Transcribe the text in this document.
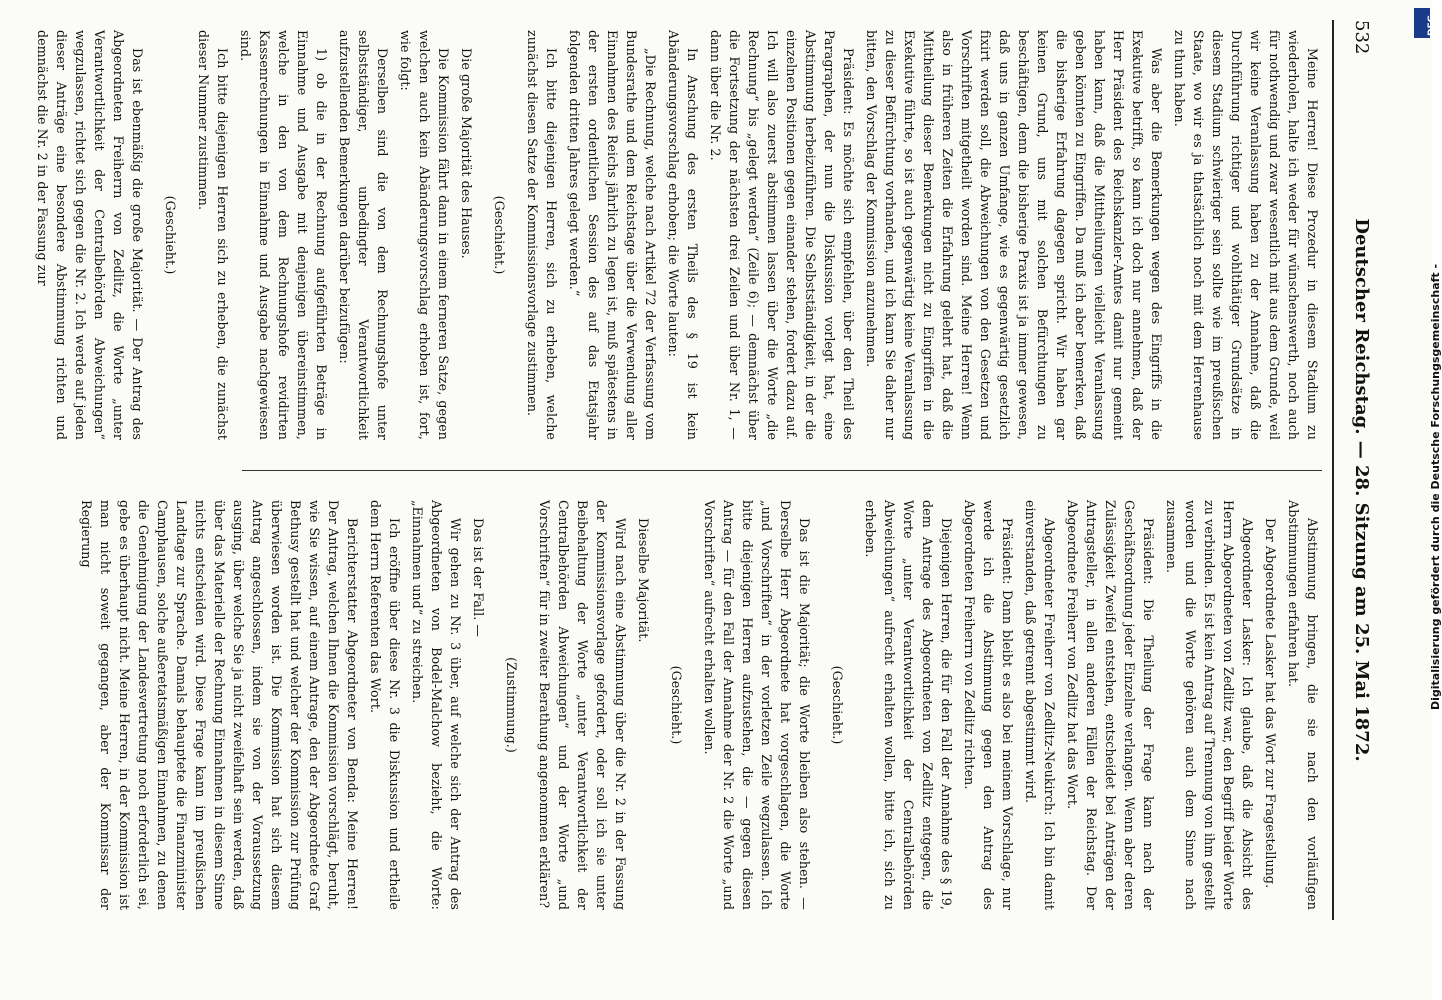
532
Deutscher Reichstag. — 28. Sitzung am 25. Mai 1872.

Meine Herren! Diese Prozedur in diesem Stadium zu wiederholen, halte ich weder für wünschenswerth, noch auch für nothwendig und zwar wesentlich mit aus dem Grunde, weil wir keine Veranlassung haben zu der Annahme, daß die Durchführung richtiger und wohlthätiger Grundsätze in diesem Stadium schwieriger sein sollte wie im preußischen Staate, wo wir es ja thatsächlich noch mit dem Herrenhause zu thun haben.

Was aber die Bemerkungen wegen des Eingriffs in die Exekutive betrifft, so kann ich doch nur annehmen, daß der Herr Präsident des Reichskanzler-Amtes damit nur gemeint haben kann, daß die Mittheilungen vielleicht Veranlassung geben könnten zu Eingriffen. Da muß ich aber bemerken, daß die bisherige Erfahrung dagegen spricht. Wir haben gar keinen Grund, uns mit solchen Befürchtungen zu beschäftigen, denn die bisherige Praxis ist ja immer gewesen, daß uns in ganzen Umfange, wie es gegenwärtig gesetzlich fixirt werden soll, die Abweichungen von den Gesetzen und Vorschriften mitgetheilt worden sind. Meine Herren! Wenn also in früheren Zeiten die Erfahrung gelehrt hat, daß die Mittheilung dieser Bemerkungen nicht zu Eingriffen in die Exekutive führte, so ist auch gegenwärtig keine Veranlassung zu dieser Befürchtung vorhanden, und ich kann Sie daher nur bitten, den Vorschlag der Kommission anzunehmen.

Präsident: Es möchte sich empfehlen, über den Theil des Paragraphen, der nun die Diskussion vorlegt hat, eine Abstimmung herbeizuführen. Die Selbstständigkeit, in der die einzelnen Positionen gegen einander stehen, fordert dazu auf. Ich will also zuerst abstimmen lassen über die Worte „die Rechnung“ bis „gelegt werden“ (Zeile 6); — demnächst über die Fortsetzung der nächsten drei Zeilen und über Nr. 1, — dann über die Nr. 2.

In Anschung des ersten Theils des § 19 ist kein Abänderungsvorschlag erhoben; die Worte lauten:

„Die Rechnung, welche nach Artikel 72 der Verfassung vom Bundesrathe und dem Reichstage über die Verwendung aller Einnahmen des Reichs jährlich zu legen ist, muß spätestens in der ersten ordentlichen Session des auf das Etatsjahr folgenden dritten Jahres gelegt werden.“

Ich bitte diejenigen Herren, sich zu erheben, welche zunächst diesen Satze der Kommissionsvorlage zustimmen.

(Geschieht.)

Die große Majorität des Hauses.

Die Kommission fährt dann in einem ferneren Satze, gegen welchen auch kein Abänderungsvorschlag erhoben ist, fort, wie folgt:

Derselben sind die von dem Rechnungshofe unter selbstständiger, unbedingter Verantwortlichkeit aufzustellenden Bemerkungen darüber beizufügen:

1) ob die in der Rechnung aufgeführten Beträge in Einnahme und Ausgabe mit denjenigen übereinstimmen, welche in den von dem Rechnungshofe revidirten Kassenrechnungen in Einnahme und Ausgabe nachgewiesen sind.

Ich bitte diejenigen Herren sich zu erheben, die zunächst dieser Nummer zustimmen.

(Geschieht.)

Das ist ebenmäßig die große Majorität. — Der Antrag des Abgeordneten Freiherrn von Zedlitz, die Worte „unter Verantwortlichkeit der Centralbehörden Abweichungen“ wegzulassen, richtet sich gegen die Nr. 2. Ich werde auf jeden dieser Anträge eine besondere Abstimmung richten und demnächst die Nr. 2 in der Fassung zur

Abstimmung bringen, die sie nach den vorläufigen Abstimmungen erfahren hat.

Der Abgeordnete Lasker hat das Wort zur Fragestellung.

Abgeordneter Lasker: Ich glaube, daß die Absicht des Herrn Abgeordneten von Zedlitz war, den Begriff beider Worte zu verbinden. Es ist kein Antrag auf Trennung von ihm gestellt worden und die Worte gehören auch dem Sinne nach zusammen.

Präsident: Die Theilung der Frage kann nach der Geschäftsordnung jeder Einzelne verlangen. Wenn aber deren Zulässigkeit Zweifel entstehen, entscheidet bei Anträgen der Antragsteller, in allen anderen Fällen der Reichstag. Der Abgeordnete Freiherr von Zedlitz hat das Wort.

Abgeordneter Freiherr von Zedlitz-Neukirch: Ich bin damit einverstanden, daß getrennt abgestimmt wird.

Präsident: Dann bleibt es also bei meinem Vorschlage, nur werde ich die Abstimmung gegen den Antrag des Abgeordneten Freiherrn von Zedlitz richten.

Diejenigen Herren, die für den Fall der Annahme des § 19, dem Antrage des Abgeordneten von Zedlitz entgegen, die Worte „unter Verantwortlichkeit der Centralbehörden Abweichungen“ aufrecht erhalten wollen, bitte ich, sich zu erheben.

(Geschieht.)

Das ist die Majorität; die Worte bleiben also stehen. — Derselbe Herr Abgeordnete hat vorgeschlagen, die Worte „und Vorschriften“ in der vorletzen Zeile wegzulassen. Ich bitte diejenigen Herren aufzustehen, die — gegen diesen Antrag — für den Fall der Annahme der Nr. 2 die Worte „und Vorschriften“ aufrecht erhalten wollen.

(Geschieht.)

Dieselbe Majorität.

Wird nach eine Abstimmung über die Nr. 2 in der Fassung der Kommissionsvorlage gefordert, oder soll ich sie unter Beibehaltung der Worte „unter Verantwortlichkeit der Centralbehörden Abweichungen“ und der Worte „und Vorschriften“ für in zweiter Berathung angenommen erklären?

(Zustimmung.)

Das ist der Fall. —

Wir gehen zu Nr. 3 über, auf welche sich der Antrag des Abgeordneten von Bodel-Malchow bezieht, die Worte: „Einnahmen und“ zu streichen.

Ich eröffne über diese Nr. 3 die Diskussion und ertheile dem Herrn Referenten das Wort.

Berichterstatter Abgeordneter von Benda: Meine Herren! Der Antrag, welchen Ihnen die Kommission vorschlägt, beruht, wie Sie wissen, auf einem Antrage, den der Abgeordnete Graf Bethusy gestellt hat und welcher der Kommission zur Prüfung überwiesen worden ist. Die Kommission hat sich diesem Antrag angeschlossen, indem sie von der Voraussetzung ausging, über welche Sie ja nicht zweifelhaft sein werden, daß über das Materielle der Rechnung Einnahmen in diesem Sinne nichts entscheiden wird. Diese Frage kann im preußischen Landtage zur Sprache. Damals behauptete die Finanzminister Camphausen, solche außeretatsmäßigen Einnahmen, zu denen die Genehmigung der Landesvertretung noch erforderlich sei, gebe es überhaupt nicht. Meine Herren, in der Kommission ist man nicht soweit gegangen, aber der Kommissar der Regierung	Digitalisierung gefördert durch die Deutsche Forschungsgemeinschaft -
DFG
